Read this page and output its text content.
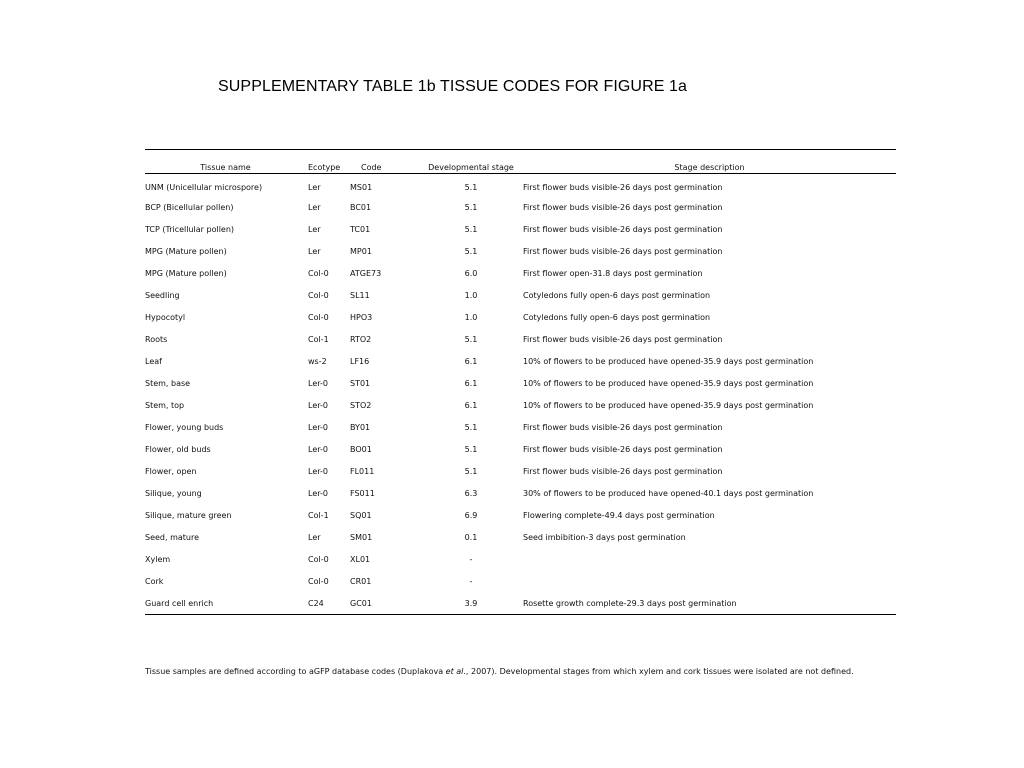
SUPPLEMENTARY TABLE 1b TISSUE CODES FOR FIGURE 1a
Tissue name	Ecotype	Code	Developmental stage	Stage description
UNM (Unicellular microspore)	Ler	MS01	5.1	First flower buds visible-26 days post germination
BCP (Bicellular pollen)	Ler	BC01	5.1	First flower buds visible-26 days post germination
TCP (Tricellular pollen)	Ler	TC01	5.1	First flower buds visible-26 days post germination
MPG (Mature pollen)	Ler	MP01	5.1	First flower buds visible-26 days post germination
MPG (Mature pollen)	Col-0	ATGE73	6.0	First flower open-31.8 days post germination
Seedling	Col-0	SL11	1.0	Cotyledons fully open-6 days post germination
Hypocotyl	Col-0	HPO3	1.0	Cotyledons fully open-6 days post germination
Roots	Col-1	RTO2	5.1	First flower buds visible-26 days post germination
Leaf	ws-2	LF16	6.1	10% of flowers to be produced have opened-35.9 days post germination
Stem, base	Ler-0	ST01	6.1	10% of flowers to be produced have opened-35.9 days post germination
Stem, top	Ler-0	STO2	6.1	10% of flowers to be produced have opened-35.9 days post germination
Flower, young buds	Ler-0	BY01	5.1	First flower buds visible-26 days post germination
Flower, old buds	Ler-0	BO01	5.1	First flower buds visible-26 days post germination
Flower, open	Ler-0	FL011	5.1	First flower buds visible-26 days post germination
Silique, young	Ler-0	FS011	6.3	30% of flowers to be produced have opened-40.1 days post germination
Silique, mature green	Col-1	SQ01	6.9	Flowering complete-49.4 days post germination
Seed, mature	Ler	SM01	0.1	Seed imbibition-3 days post germination
Xylem	Col-0	XL01	-	
Cork	Col-0	CR01	-	
Guard cell enrich	C24	GC01	3.9	Rosette growth complete-29.3 days post germination
Tissue samples are defined according to aGFP database codes (Duplakova et al., 2007). Developmental stages from which xylem and cork tissues were isolated are not defined.
